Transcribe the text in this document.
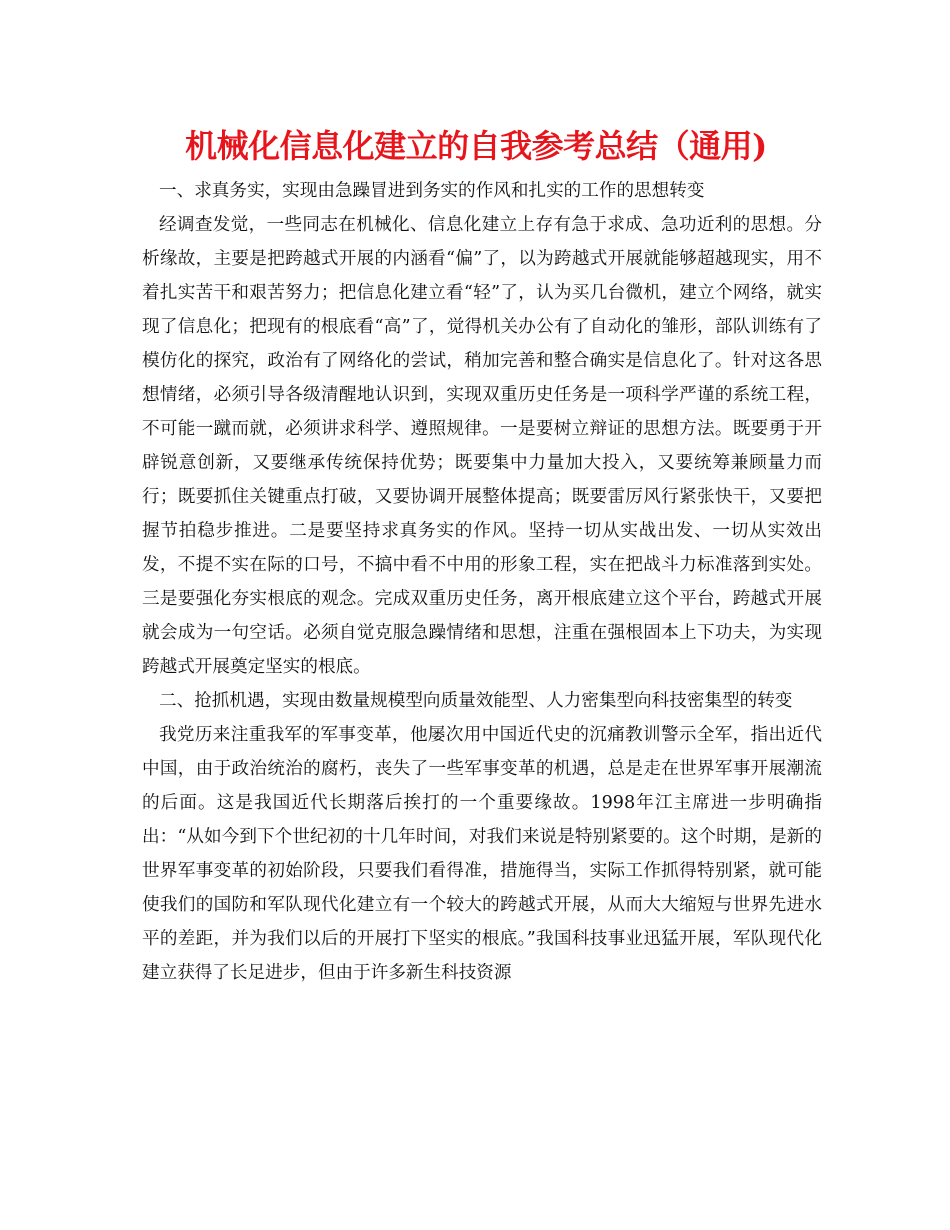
机械化信息化建立的自我参考总结（通用)

一、求真务实，实现由急躁冒进到务实的作风和扎实的工作的思想转变

经调查发觉，一些同志在机械化、信息化建立上存有急于求成、急功近利的思想。分析缘故，主要是把跨越式开展的内涵看“偏”了，以为跨越式开展就能够超越现实，用不着扎实苦干和艰苦努力；把信息化建立看“轻”了，认为买几台微机，建立个网络，就实现了信息化；把现有的根底看“高”了，觉得机关办公有了自动化的雏形，部队训练有了模仿化的探究，政治有了网络化的尝试，稍加完善和整合确实是信息化了。针对这各思想情绪，必须引导各级清醒地认识到，实现双重历史任务是一项科学严谨的系统工程，不可能一蹴而就，必须讲求科学、遵照规律。一是要树立辩证的思想方法。既要勇于开辟锐意创新，又要继承传统保持优势；既要集中力量加大投入，又要统筹兼顾量力而行；既要抓住关键重点打破，又要协调开展整体提高；既要雷厉风行紧张快干，又要把握节拍稳步推进。二是要坚持求真务实的作风。坚持一切从实战出发、一切从实效出发，不提不实在际的口号，不搞中看不中用的形象工程，实在把战斗力标准落到实处。三是要强化夯实根底的观念。完成双重历史任务，离开根底建立这个平台，跨越式开展就会成为一句空话。必须自觉克服急躁情绪和思想，注重在强根固本上下功夫，为实现跨越式开展奠定坚实的根底。

二、抢抓机遇，实现由数量规模型向质量效能型、人力密集型向科技密集型的转变

我党历来注重我军的军事变革，他屡次用中国近代史的沉痛教训警示全军，指出近代中国，由于政治统治的腐朽，丧失了一些军事变革的机遇，总是走在世界军事开展潮流的后面。这是我国近代长期落后挨打的一个重要缘故。1998年江主席进一步明确指出：“从如今到下个世纪初的十几年时间，对我们来说是特别紧要的。这个时期，是新的世界军事变革的初始阶段，只要我们看得准，措施得当，实际工作抓得特别紧，就可能使我们的国防和军队现代化建立有一个较大的跨越式开展，从而大大缩短与世界先进水平的差距，并为我们以后的开展打下坚实的根底。”我国科技事业迅猛开展，军队现代化建立获得了长足进步，但由于许多新生科技资源
